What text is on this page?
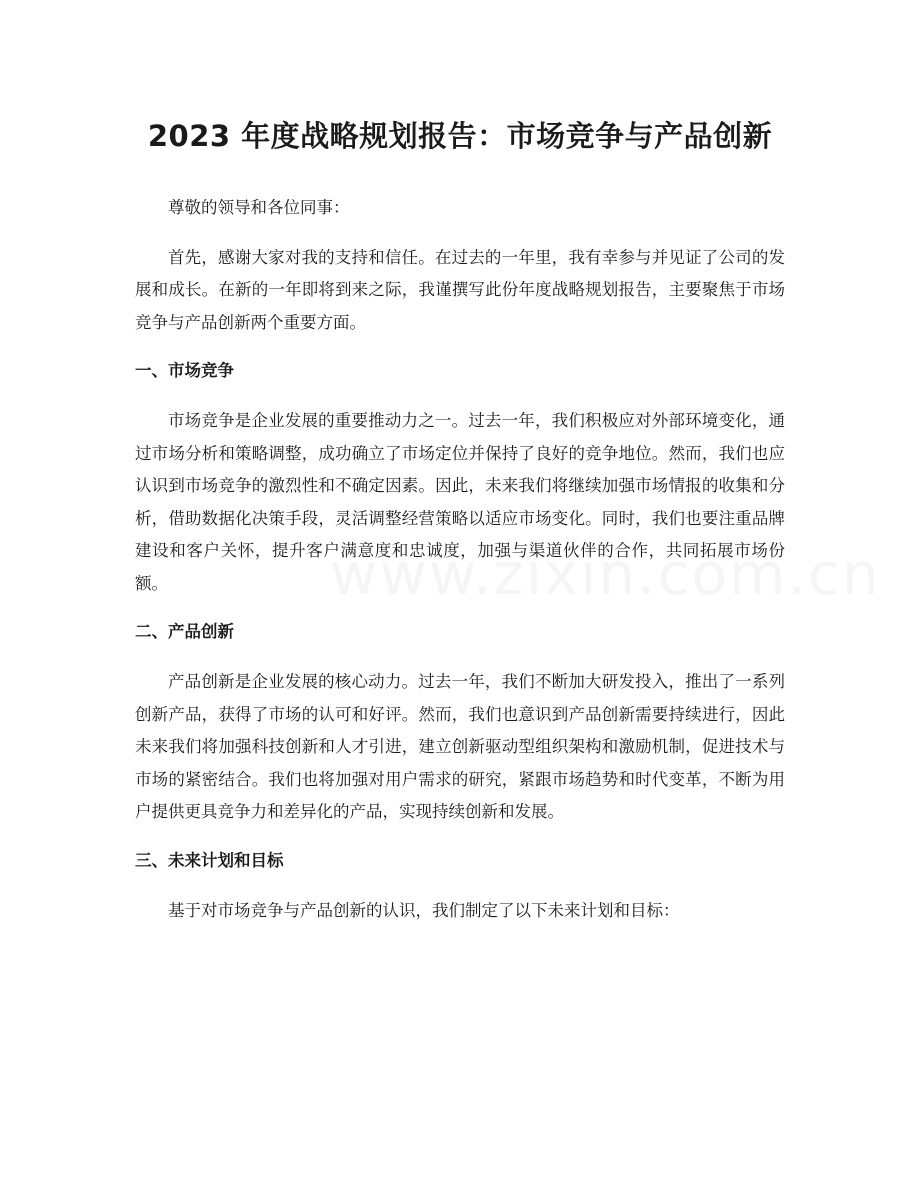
2023 年度战略规划报告：市场竞争与产品创新

尊敬的领导和各位同事：

首先，感谢大家对我的支持和信任。在过去的一年里，我有幸参与并见证了公司的发展和成长。在新的一年即将到来之际，我谨撰写此份年度战略规划报告，主要聚焦于市场竞争与产品创新两个重要方面。

一、市场竞争

市场竞争是企业发展的重要推动力之一。过去一年，我们积极应对外部环境变化，通过市场分析和策略调整，成功确立了市场定位并保持了良好的竞争地位。然而，我们也应认识到市场竞争的激烈性和不确定因素。因此，未来我们将继续加强市场情报的收集和分析，借助数据化决策手段，灵活调整经营策略以适应市场变化。同时，我们也要注重品牌建设和客户关怀，提升客户满意度和忠诚度，加强与渠道伙伴的合作，共同拓展市场份额。

二、产品创新

产品创新是企业发展的核心动力。过去一年，我们不断加大研发投入，推出了一系列创新产品，获得了市场的认可和好评。然而，我们也意识到产品创新需要持续进行，因此未来我们将加强科技创新和人才引进，建立创新驱动型组织架构和激励机制，促进技术与市场的紧密结合。我们也将加强对用户需求的研究，紧跟市场趋势和时代变革，不断为用户提供更具竞争力和差异化的产品，实现持续创新和发展。

三、未来计划和目标

基于对市场竞争与产品创新的认识，我们制定了以下未来计划和目标：
